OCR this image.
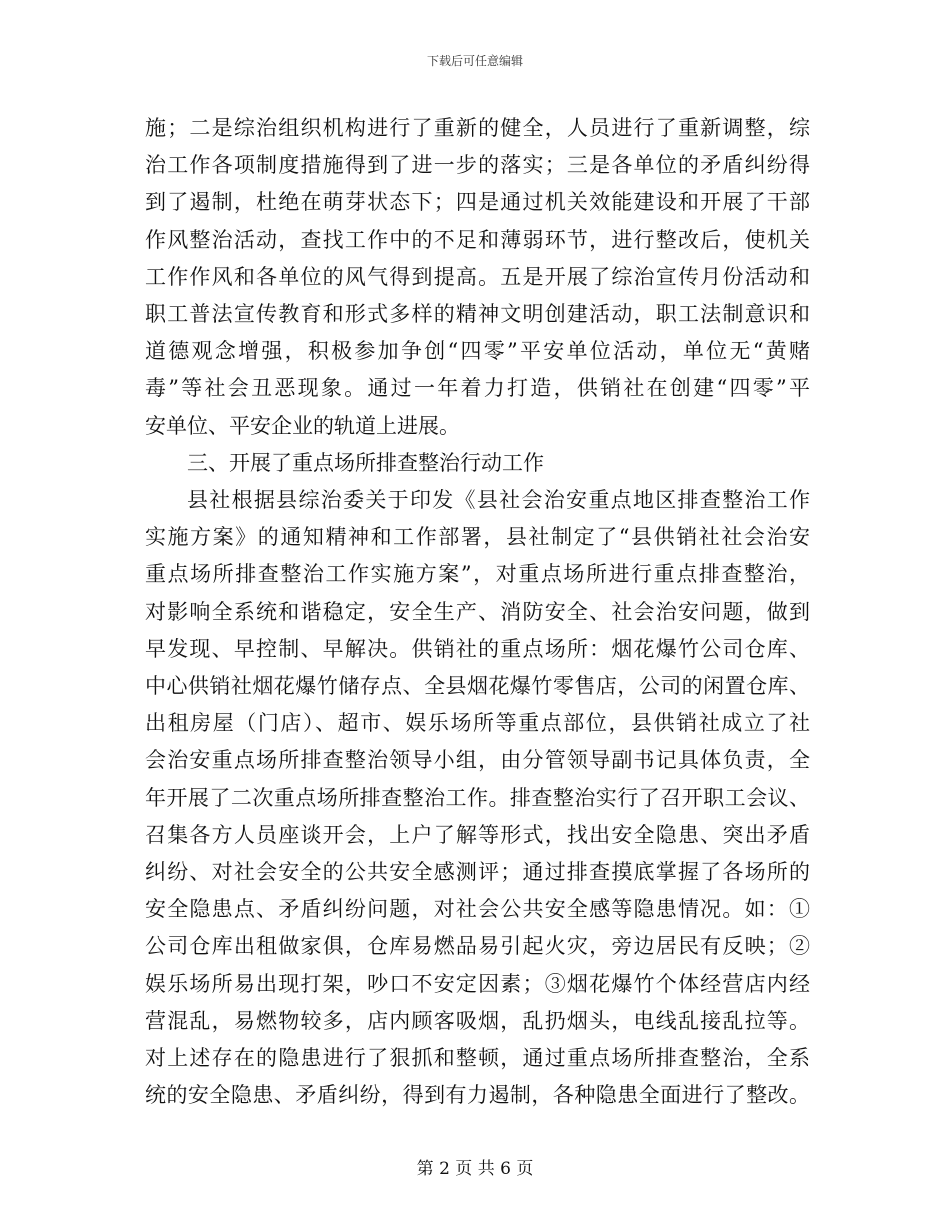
下载后可任意编辑
施；二是综治组织机构进行了重新的健全，人员进行了重新调整，综
治工作各项制度措施得到了进一步的落实；三是各单位的矛盾纠纷得
到了遏制，杜绝在萌芽状态下；四是通过机关效能建设和开展了干部
作风整治活动，查找工作中的不足和薄弱环节，进行整改后，使机关
工作作风和各单位的风气得到提高。五是开展了综治宣传月份活动和
职工普法宣传教育和形式多样的精神文明创建活动，职工法制意识和
道德观念增强，积极参加争创“四零”平安单位活动，单位无“黄赌
毒”等社会丑恶现象。通过一年着力打造，供销社在创建“四零”平
安单位、平安企业的轨道上进展。
三、开展了重点场所排查整治行动工作
县社根据县综治委关于印发《县社会治安重点地区排查整治工作
实施方案》的通知精神和工作部署，县社制定了“县供销社社会治安
重点场所排查整治工作实施方案”，对重点场所进行重点排查整治，
对影响全系统和谐稳定，安全生产、消防安全、社会治安问题，做到
早发现、早控制、早解决。供销社的重点场所：烟花爆竹公司仓库、
中心供销社烟花爆竹储存点、全县烟花爆竹零售店，公司的闲置仓库、
出租房屋（门店）、超市、娱乐场所等重点部位，县供销社成立了社
会治安重点场所排查整治领导小组，由分管领导副书记具体负责，全
年开展了二次重点场所排查整治工作。排查整治实行了召开职工会议、
召集各方人员座谈开会，上户了解等形式，找出安全隐患、突出矛盾
纠纷、对社会安全的公共安全感测评；通过排查摸底掌握了各场所的
安全隐患点、矛盾纠纷问题，对社会公共安全感等隐患情况。如：①
公司仓库出租做家俱，仓库易燃品易引起火灾，旁边居民有反映；②
娱乐场所易出现打架，吵口不安定因素；③烟花爆竹个体经营店内经
营混乱，易燃物较多，店内顾客吸烟，乱扔烟头，电线乱接乱拉等。
对上述存在的隐患进行了狠抓和整顿，通过重点场所排查整治，全系
统的安全隐患、矛盾纠纷，得到有力遏制，各种隐患全面进行了整改。
第 2 页 共 6 页
